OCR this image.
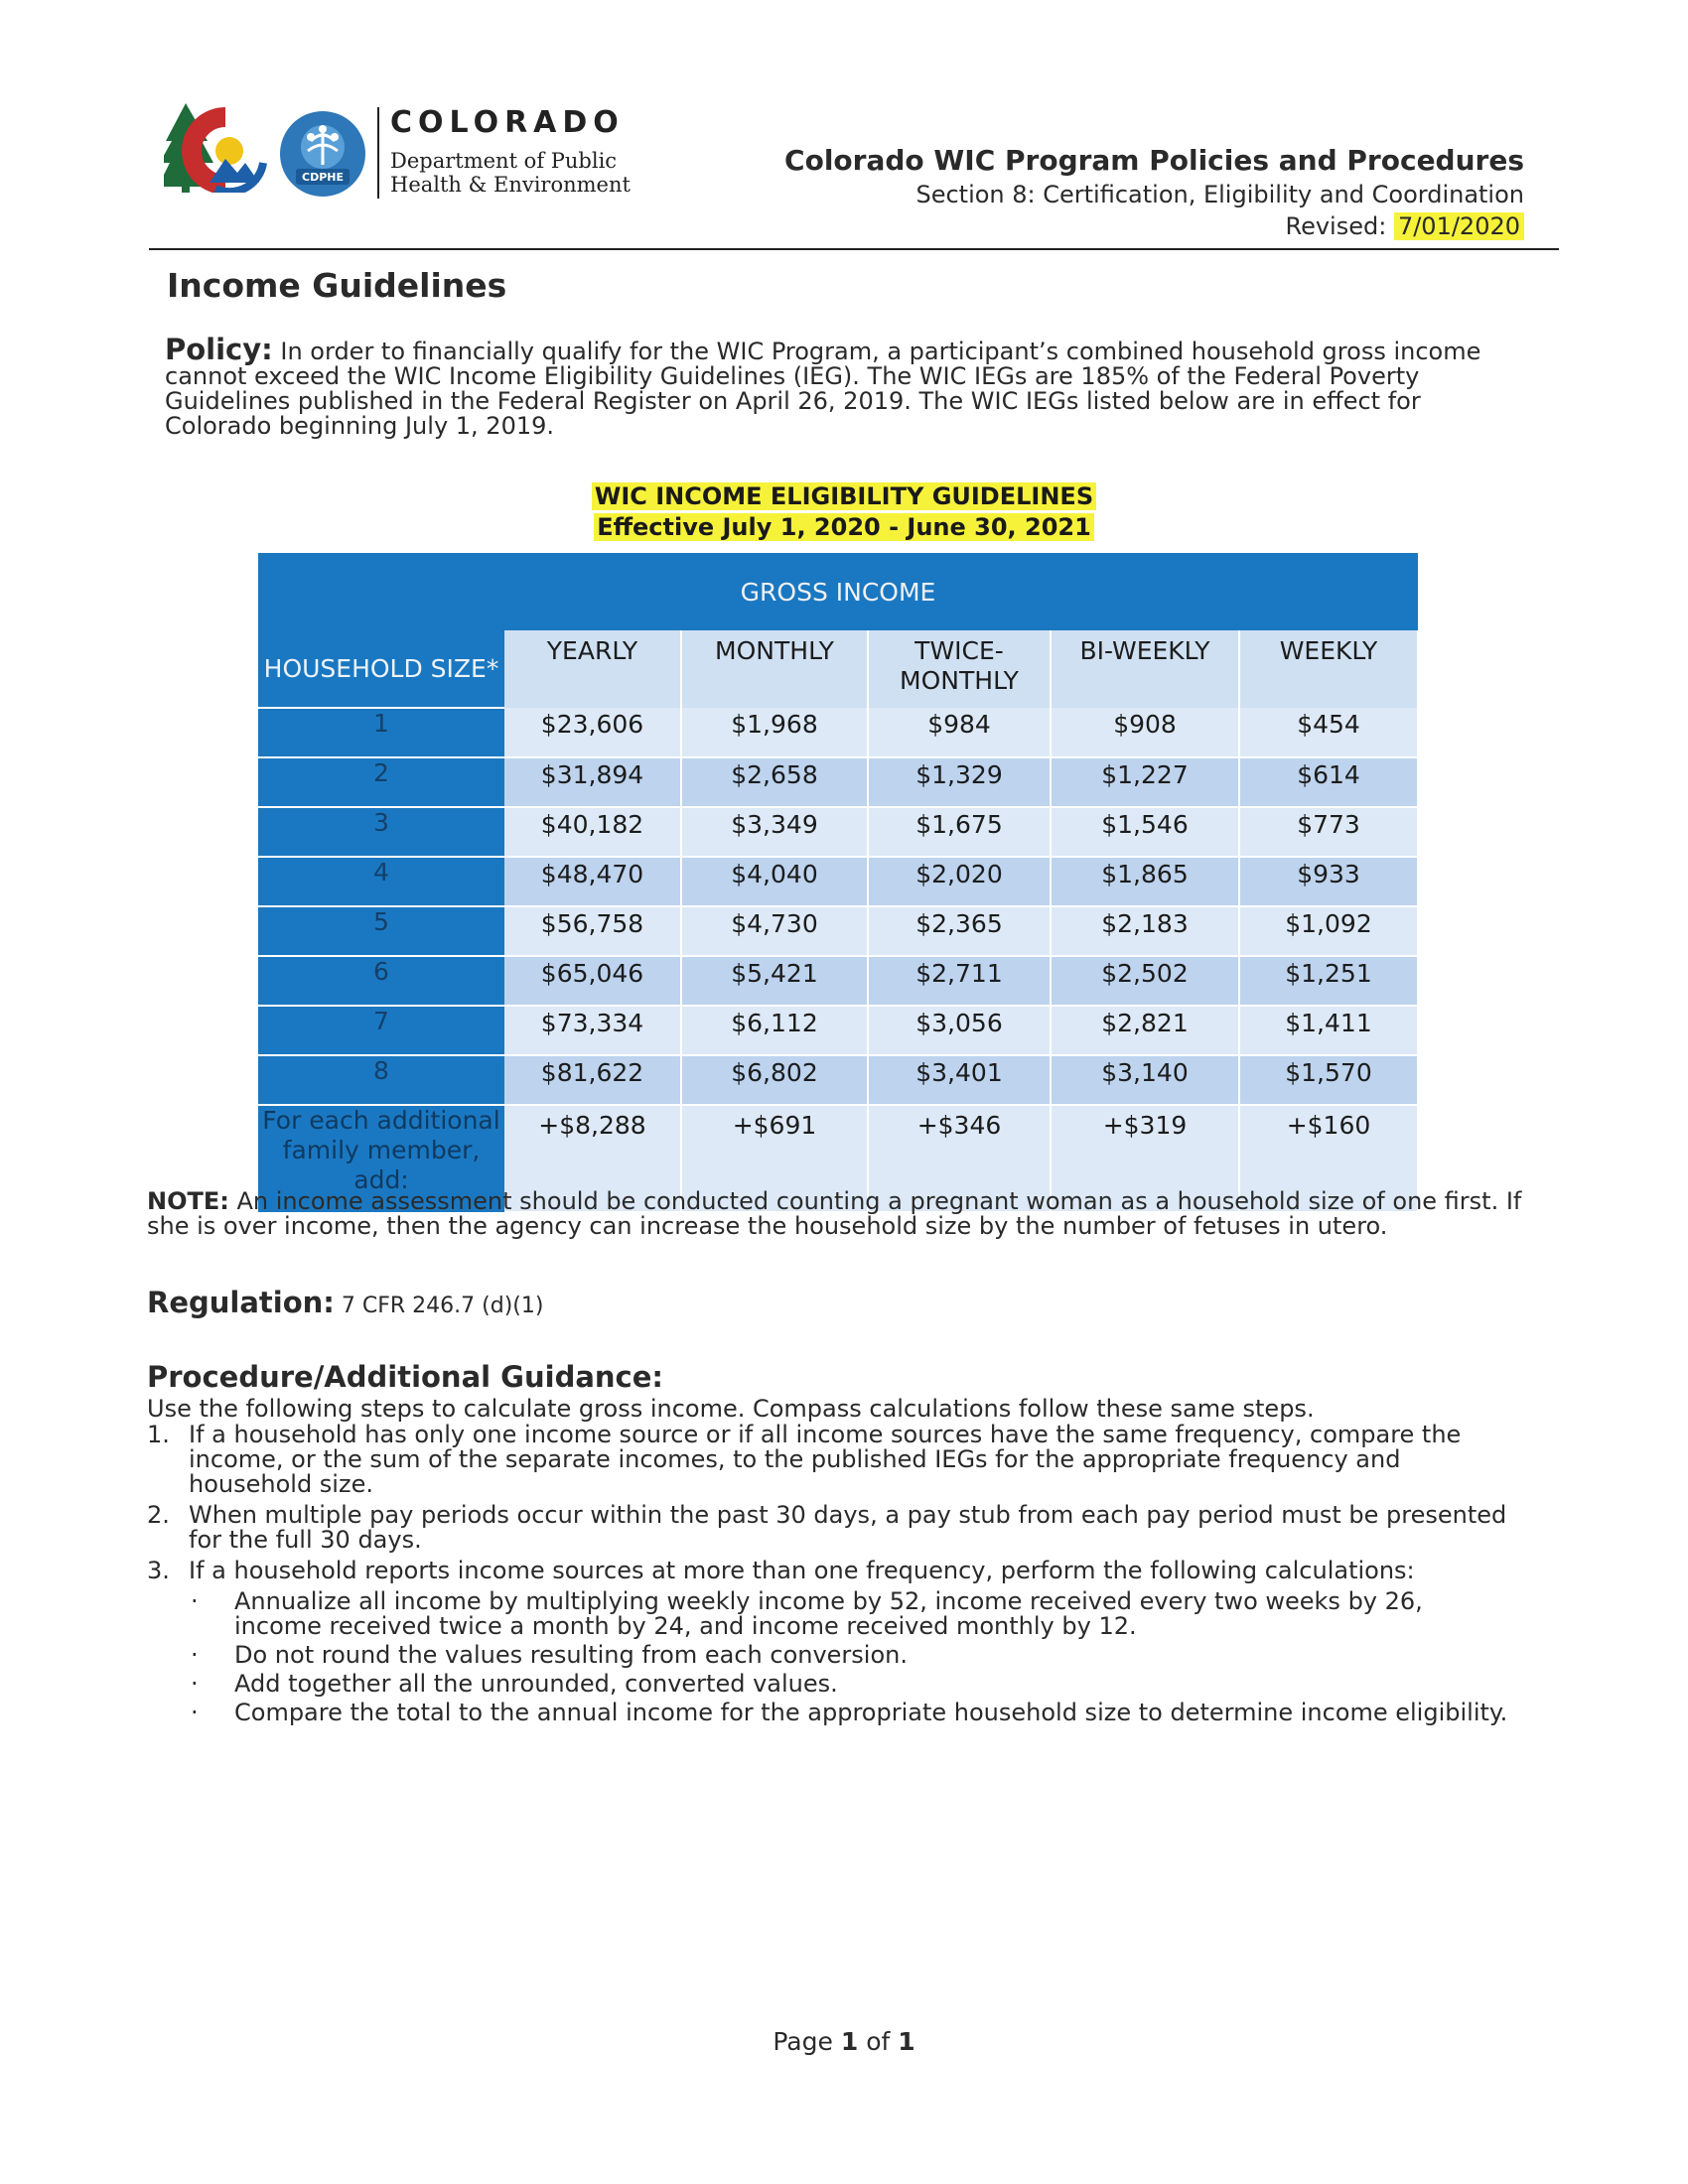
CDPHE
COLORADO
Department of Public
Health & Environment
Colorado WIC Program Policies and Procedures
Section 8: Certification, Eligibility and Coordination
Revised: 7/01/2020
Income Guidelines
Policy: In order to financially qualify for the WIC Program, a participant’s combined household gross income cannot exceed the WIC Income Eligibility Guidelines (IEG). The WIC IEGs are 185% of the Federal Poverty Guidelines published in the Federal Register on April 26, 2019. The WIC IEGs listed below are in effect for Colorado beginning July 1, 2019.
WIC INCOME ELIGIBILITY GUIDELINES
Effective July 1, 2020 - June 30, 2021
GROSS INCOME					
HOUSEHOLD SIZE*	YEARLY	MONTHLY	TWICE-MONTHLY	BI-WEEKLY	WEEKLY
1	$23,606	$1,968	$984	$908	$454
2	$31,894	$2,658	$1,329	$1,227	$614
3	$40,182	$3,349	$1,675	$1,546	$773
4	$48,470	$4,040	$2,020	$1,865	$933
5	$56,758	$4,730	$2,365	$2,183	$1,092
6	$65,046	$5,421	$2,711	$2,502	$1,251
7	$73,334	$6,112	$3,056	$2,821	$1,411
8	$81,622	$6,802	$3,401	$3,140	$1,570
For each additional family member, add:	+$8,288	+$691	+$346	+$319	+$160
NOTE: An income assessment should be conducted counting a pregnant woman as a household size of one first. If she is over income, then the agency can increase the household size by the number of fetuses in utero.
Regulation: 7 CFR 246.7 (d)(1)
Procedure/Additional Guidance:
Use the following steps to calculate gross income. Compass calculations follow these same steps.
1. If a household has only one income source or if all income sources have the same frequency, compare the income, or the sum of the separate incomes, to the published IEGs for the appropriate frequency and household size.
2. When multiple pay periods occur within the past 30 days, a pay stub from each pay period must be presented for the full 30 days.
3. If a household reports income sources at more than one frequency, perform the following calculations:
· Annualize all income by multiplying weekly income by 52, income received every two weeks by 26, income received twice a month by 24, and income received monthly by 12.
· Do not round the values resulting from each conversion.
· Add together all the unrounded, converted values.
· Compare the total to the annual income for the appropriate household size to determine income eligibility.
Page 1 of 1
